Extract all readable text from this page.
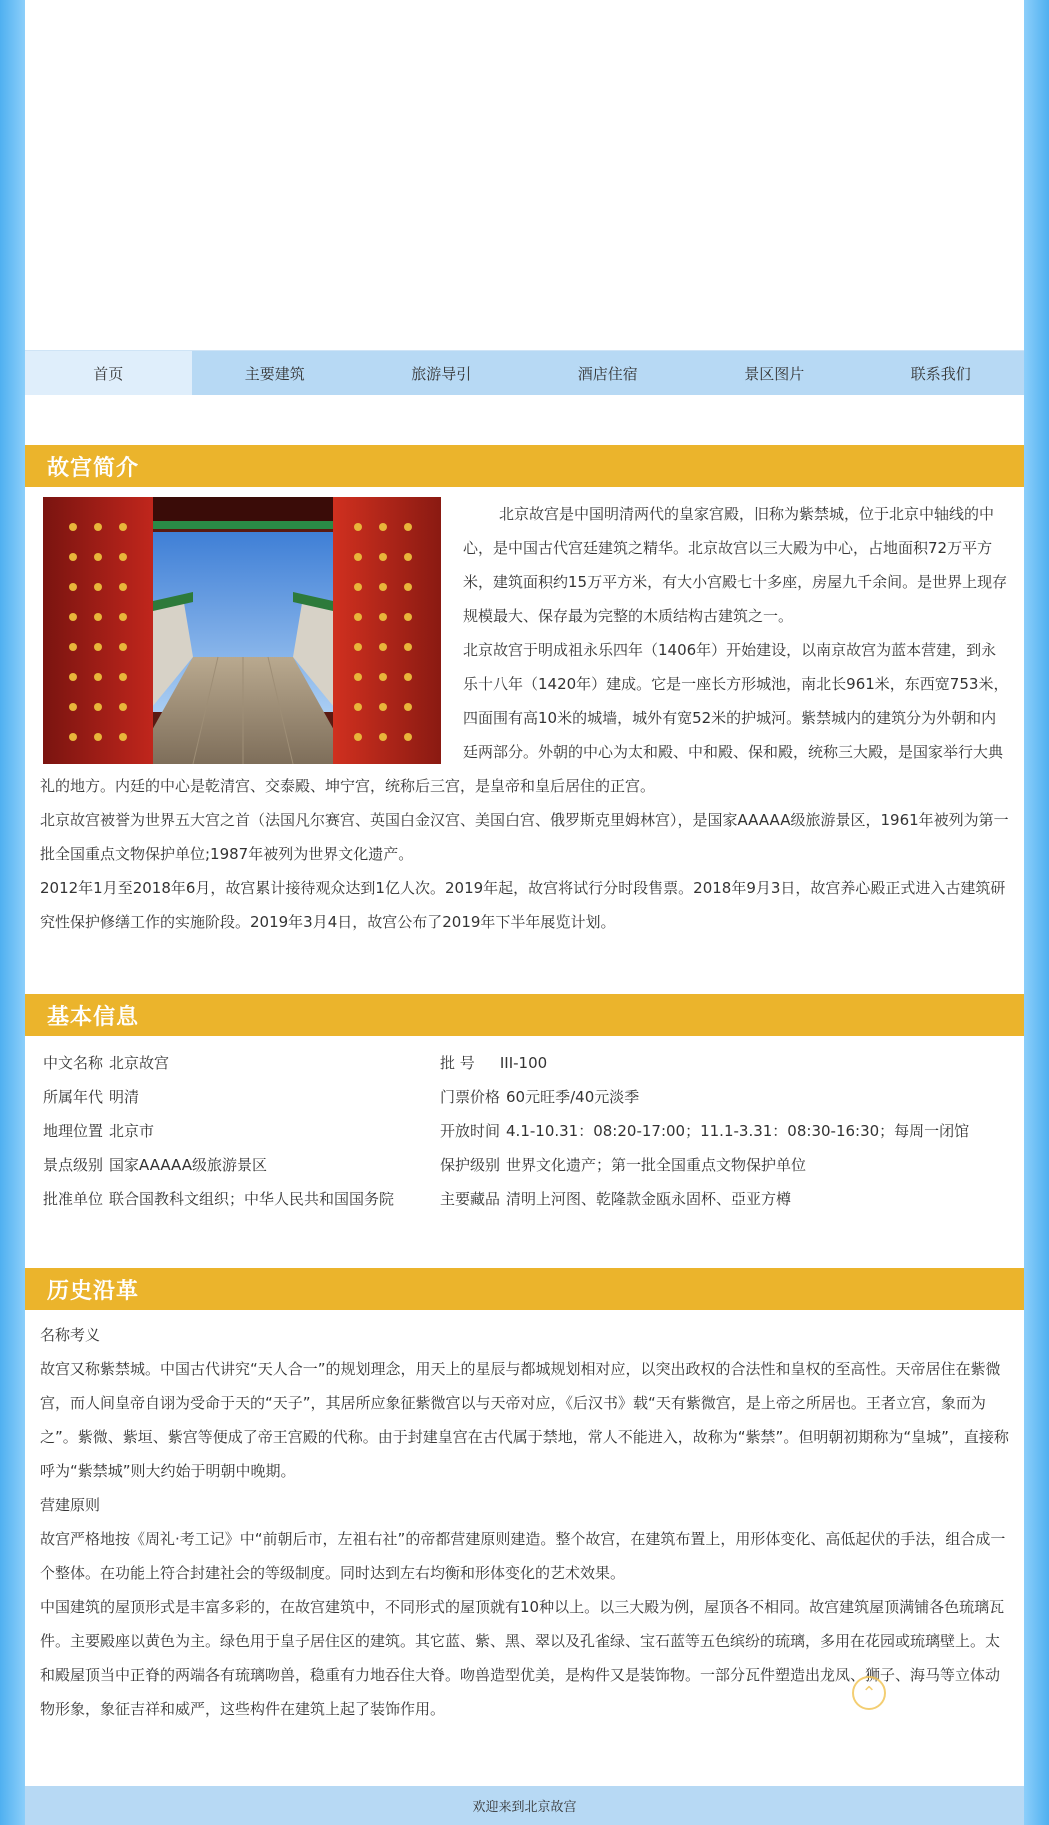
首页	主要建筑	旅游导引	酒店住宿	景区图片	联系我们
故宫简介

北京故宫是中国明清两代的皇家宫殿，旧称为紫禁城，位于北京中轴线的中心，是中国古代宫廷建筑之精华。北京故宫以三大殿为中心，占地面积72万平方米，建筑面积约15万平方米，有大小宫殿七十多座，房屋九千余间。是世界上现存规模最大、保存最为完整的木质结构古建筑之一。

北京故宫于明成祖永乐四年（1406年）开始建设，以南京故宫为蓝本营建，到永乐十八年（1420年）建成。它是一座长方形城池，南北长961米，东西宽753米，四面围有高10米的城墙，城外有宽52米的护城河。紫禁城内的建筑分为外朝和内廷两部分。外朝的中心为太和殿、中和殿、保和殿，统称三大殿，是国家举行大典礼的地方。内廷的中心是乾清宫、交泰殿、坤宁宫，统称后三宫，是皇帝和皇后居住的正宫。

北京故宫被誉为世界五大宫之首（法国凡尔赛宫、英国白金汉宫、美国白宫、俄罗斯克里姆林宫），是国家AAAAA级旅游景区，1961年被列为第一批全国重点文物保护单位;1987年被列为世界文化遗产。

2012年1月至2018年6月，故宫累计接待观众达到1亿人次。2019年起，故宫将试行分时段售票。2018年9月3日，故宫养心殿正式进入古建筑研究性保护修缮工作的实施阶段。2019年3月4日，故宫公布了2019年下半年展览计划。

基本信息
中文名称 北京故宫	批 号 III-100
所属年代 明清	门票价格 60元旺季/40元淡季
地理位置 北京市	开放时间 4.1-10.31：08:20-17:00；11.1-3.31：08:30-16:30；每周一闭馆
景点级别 国家AAAAA级旅游景区	保护级别 世界文化遗产；第一批全国重点文物保护单位
批准单位 联合国教科文组织；中华人民共和国国务院	主要藏品 清明上河图、乾隆款金瓯永固杯、亞亚方樽
历史沿革

名称考义

故宫又称紫禁城。中国古代讲究“天人合一”的规划理念，用天上的星辰与都城规划相对应，以突出政权的合法性和皇权的至高性。天帝居住在紫微宫，而人间皇帝自诩为受命于天的“天子”，其居所应象征紫微宫以与天帝对应，《后汉书》载“天有紫微宫，是上帝之所居也。王者立宫，象而为之”。紫微、紫垣、紫宫等便成了帝王宫殿的代称。由于封建皇宫在古代属于禁地，常人不能进入，故称为“紫禁”。但明朝初期称为“皇城”，直接称呼为“紫禁城”则大约始于明朝中晚期。

营建原则

故宫严格地按《周礼·考工记》中“前朝后市，左祖右社”的帝都营建原则建造。整个故宫，在建筑布置上，用形体变化、高低起伏的手法，组合成一个整体。在功能上符合封建社会的等级制度。同时达到左右均衡和形体变化的艺术效果。

中国建筑的屋顶形式是丰富多彩的，在故宫建筑中，不同形式的屋顶就有10种以上。以三大殿为例，屋顶各不相同。故宫建筑屋顶满铺各色琉璃瓦件。主要殿座以黄色为主。绿色用于皇子居住区的建筑。其它蓝、紫、黑、翠以及孔雀绿、宝石蓝等五色缤纷的琉璃，多用在花园或琉璃壁上。太和殿屋顶当中正脊的两端各有琉璃吻兽，稳重有力地吞住大脊。吻兽造型优美，是构件又是装饰物。一部分瓦件塑造出龙凤、狮子、海马等立体动物形象，象征吉祥和威严，这些构件在建筑上起了装饰作用。

欢迎来到北京故宫
⌃
